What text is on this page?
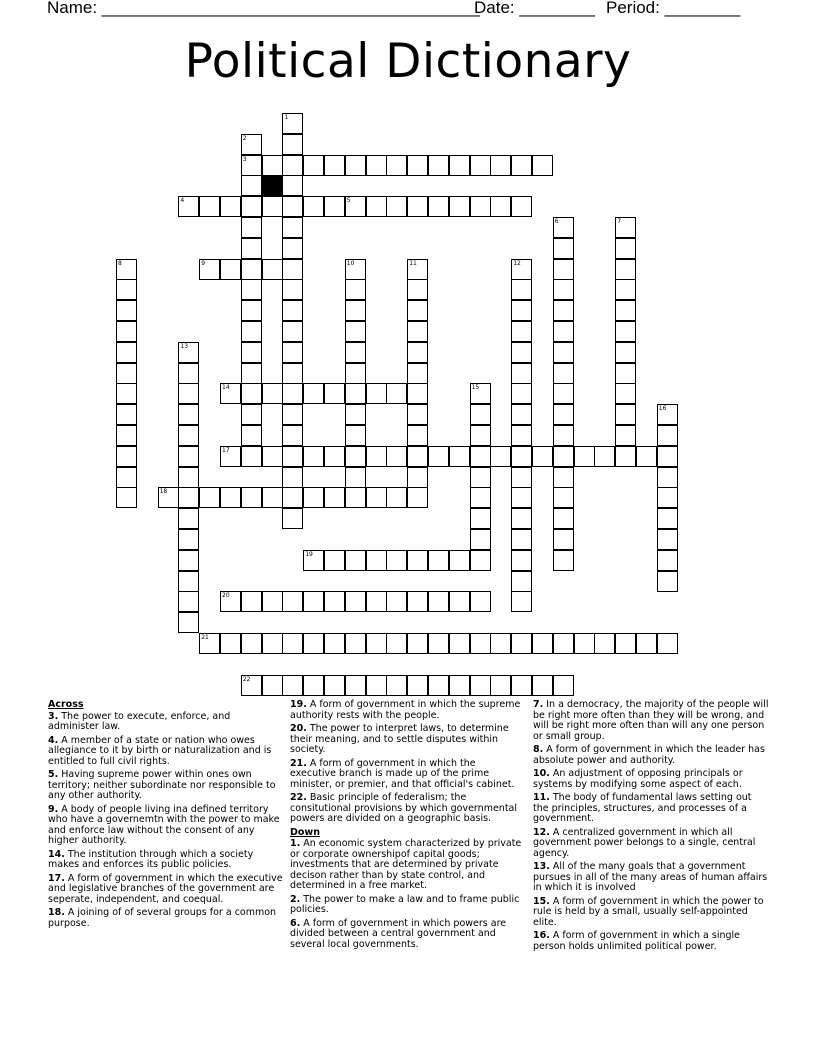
Name: ________________________________________
Date: ________ Period: ________
Political Dictionary
1
2
3
4	5
6	7
8	9	10	11	12
13
14	15
16
17
18
19
20
21
22
Across
3. The power to execute, enforce, and administer law.
4. A member of a state or nation who owes allegiance to it by birth or naturalization and is entitled to full civil rights.
5. Having supreme power within ones own territory; neither subordinate nor responsible to any other authority.
9. A body of people living ina defined territory who have a governemtn with the power to make and enforce law without the consent of any higher authority.
14. The institution through which a society makes and enforces its public policies.
17. A form of government in which the executive and legislative branches of the government are seperate, independent, and coequal.
18. A joining of of several groups for a common purpose.
19. A form of government in which the supreme authority rests with the people.
20. The power to interpret laws, to determine their meaning, and to settle disputes within society.
21. A form of government in which the executive branch is made up of the prime minister, or premier, and that official's cabinet.
22. Basic principle of federalism; the consitutional provisions by which governmental powers are divided on a geographic basis.
Down
1. An economic system characterized by private or corporate ownershipof capital goods; investments that are determined by private decison rather than by state control, and determined in a free market.
2. The power to make a law and to frame public policies.
6. A form of government in which powers are divided between a central government and several local governments.
7. In a democracy, the majority of the people will be right more often than they will be wrong, and will be right more often than will any one person or small group.
8. A form of government in which the leader has absolute power and authority.
10. An adjustment of opposing principals or systems by modifying some aspect of each.
11. The body of fundamental laws setting out the principles, structures, and processes of a government.
12. A centralized government in which all government power belongs to a single, central agency.
13. All of the many goals that a government pursues in all of the many areas of human affairs in which it is involved
15. A form of government in which the power to rule is held by a small, usually self-appointed elite.
16. A form of government in which a single person holds unlimited political power.
